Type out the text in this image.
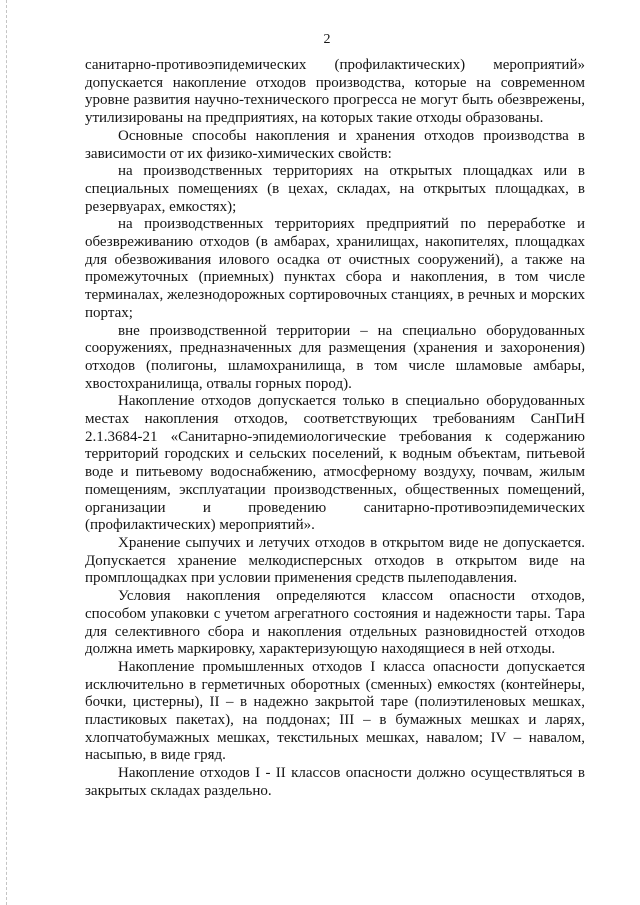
2
санитарно-противоэпидемических (профилактических) мероприятий»
допускается накопление отходов производства, которые на современном
уровне развития научно-технического прогресса не могут быть обезврежены,
утилизированы на предприятиях, на которых такие отходы образованы.
Основные способы накопления и хранения отходов производства в
зависимости от их физико-химических свойств:
на производственных территориях на открытых площадках или в
специальных помещениях (в цехах, складах, на открытых площадках, в
резервуарах, емкостях);
на производственных территориях предприятий по переработке и
обезвреживанию отходов (в амбарах, хранилищах, накопителях, площадках
для обезвоживания илового осадка от очистных сооружений), а также на
промежуточных (приемных) пунктах сбора и накопления, в том числе
терминалах, железнодорожных сортировочных станциях, в речных и морских
портах;
вне производственной территории – на специально оборудованных
сооружениях, предназначенных для размещения (хранения и захоронения)
отходов (полигоны, шламохранилища, в том числе шламовые амбары,
хвостохранилища, отвалы горных пород).
Накопление отходов допускается только в специально оборудованных
местах накопления отходов, соответствующих требованиям СанПиН
2.1.3684-21 «Санитарно-эпидемиологические требования к содержанию
территорий городских и сельских поселений, к водным объектам, питьевой
воде и питьевому водоснабжению, атмосферному воздуху, почвам, жилым
помещениям, эксплуатации производственных, общественных помещений,
организации и проведению санитарно-противоэпидемических
(профилактических) мероприятий».
Хранение сыпучих и летучих отходов в открытом виде не допускается.
Допускается хранение мелкодисперсных отходов в открытом виде на
промплощадках при условии применения средств пылеподавления.
Условия накопления определяются классом опасности отходов,
способом упаковки с учетом агрегатного состояния и надежности тары. Тара
для селективного сбора и накопления отдельных разновидностей отходов
должна иметь маркировку, характеризующую находящиеся в ней отходы.
Накопление промышленных отходов I класса опасности допускается
исключительно в герметичных оборотных (сменных) емкостях (контейнеры,
бочки, цистерны), II – в надежно закрытой таре (полиэтиленовых мешках,
пластиковых пакетах), на поддонах; III – в бумажных мешках и ларях,
хлопчатобумажных мешках, текстильных мешках, навалом; IV – навалом,
насыпью, в виде гряд.
Накопление отходов I - II классов опасности должно осуществляться в
закрытых складах раздельно.
